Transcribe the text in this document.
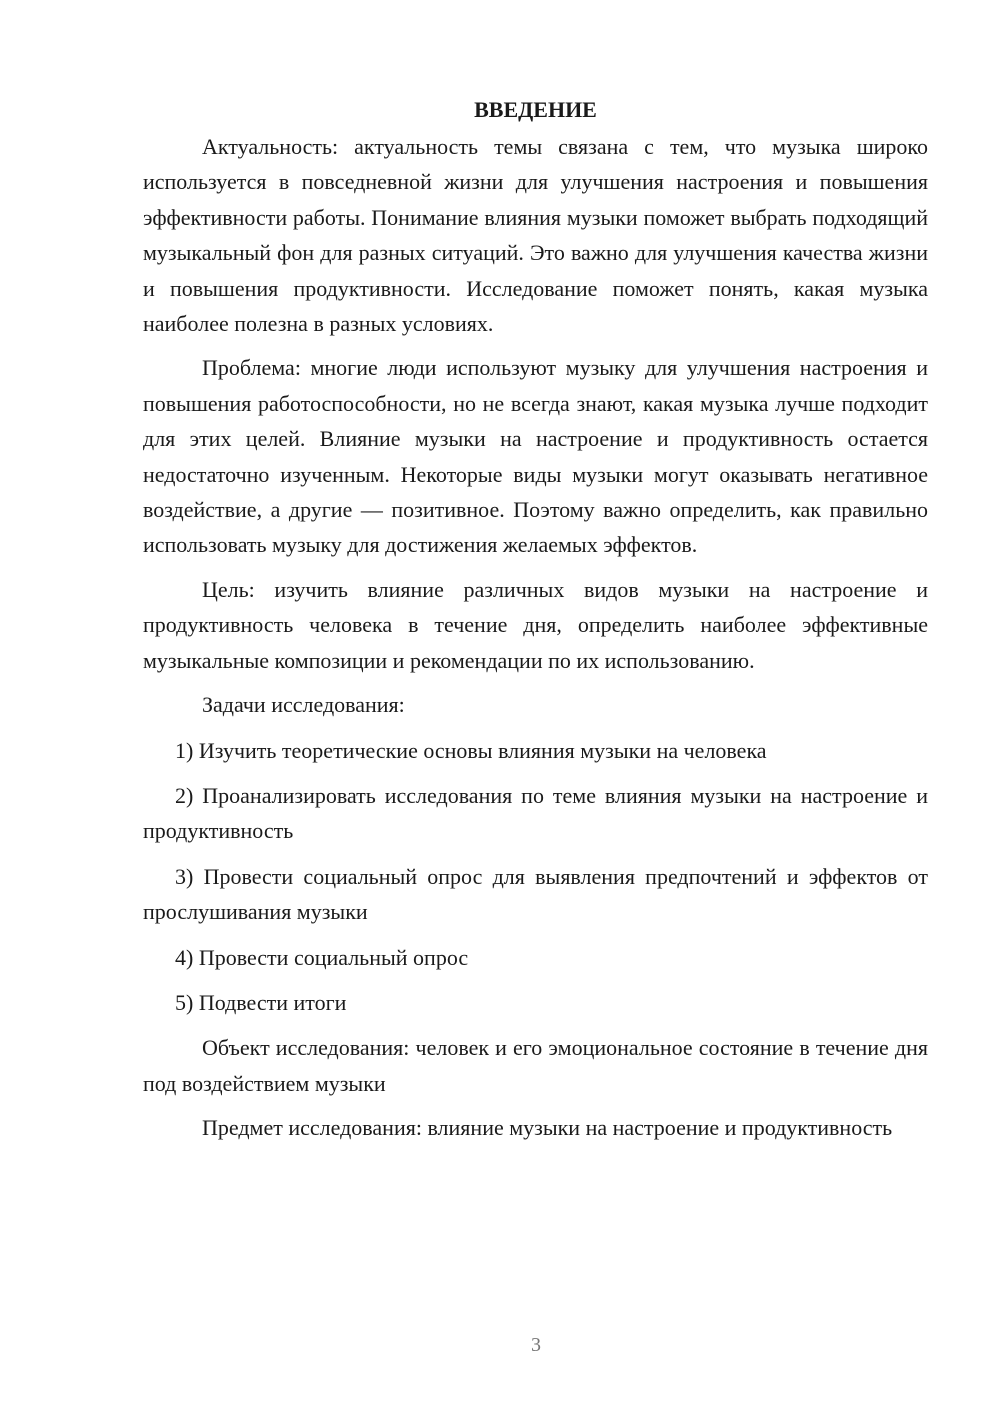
ВВЕДЕНИЕ

Актуальность: актуальность темы связана с тем, что музыка широко используется в повседневной жизни для улучшения настроения и повышения эффективности работы. Понимание влияния музыки поможет выбрать подходящий музыкальный фон для разных ситуаций. Это важно для улучшения качества жизни и повышения продуктивности. Исследование поможет понять, какая музыка наиболее полезна в разных условиях.

Проблема: многие люди используют музыку для улучшения настроения и повышения работоспособности, но не всегда знают, какая музыка лучше подходит для этих целей. Влияние музыки на настроение и продуктивность остается недостаточно изученным. Некоторые виды музыки могут оказывать негативное воздействие, а другие — позитивное. Поэтому важно определить, как правильно использовать музыку для достижения желаемых эффектов.

Цель: изучить влияние различных видов музыки на настроение и продуктивность человека в течение дня, определить наиболее эффективные музыкальные композиции и рекомендации по их использованию.

Задачи исследования:

1) Изучить теоретические основы влияния музыки на человека

2) Проанализировать исследования по теме влияния музыки на настроение и продуктивность

3) Провести социальный опрос для выявления предпочтений и эффектов от прослушивания музыки

4) Провести социальный опрос

5) Подвести итоги

Объект исследования: человек и его эмоциональное состояние в течение дня под воздействием музыки

Предмет исследования: влияние музыки на настроение и продуктивность

3
